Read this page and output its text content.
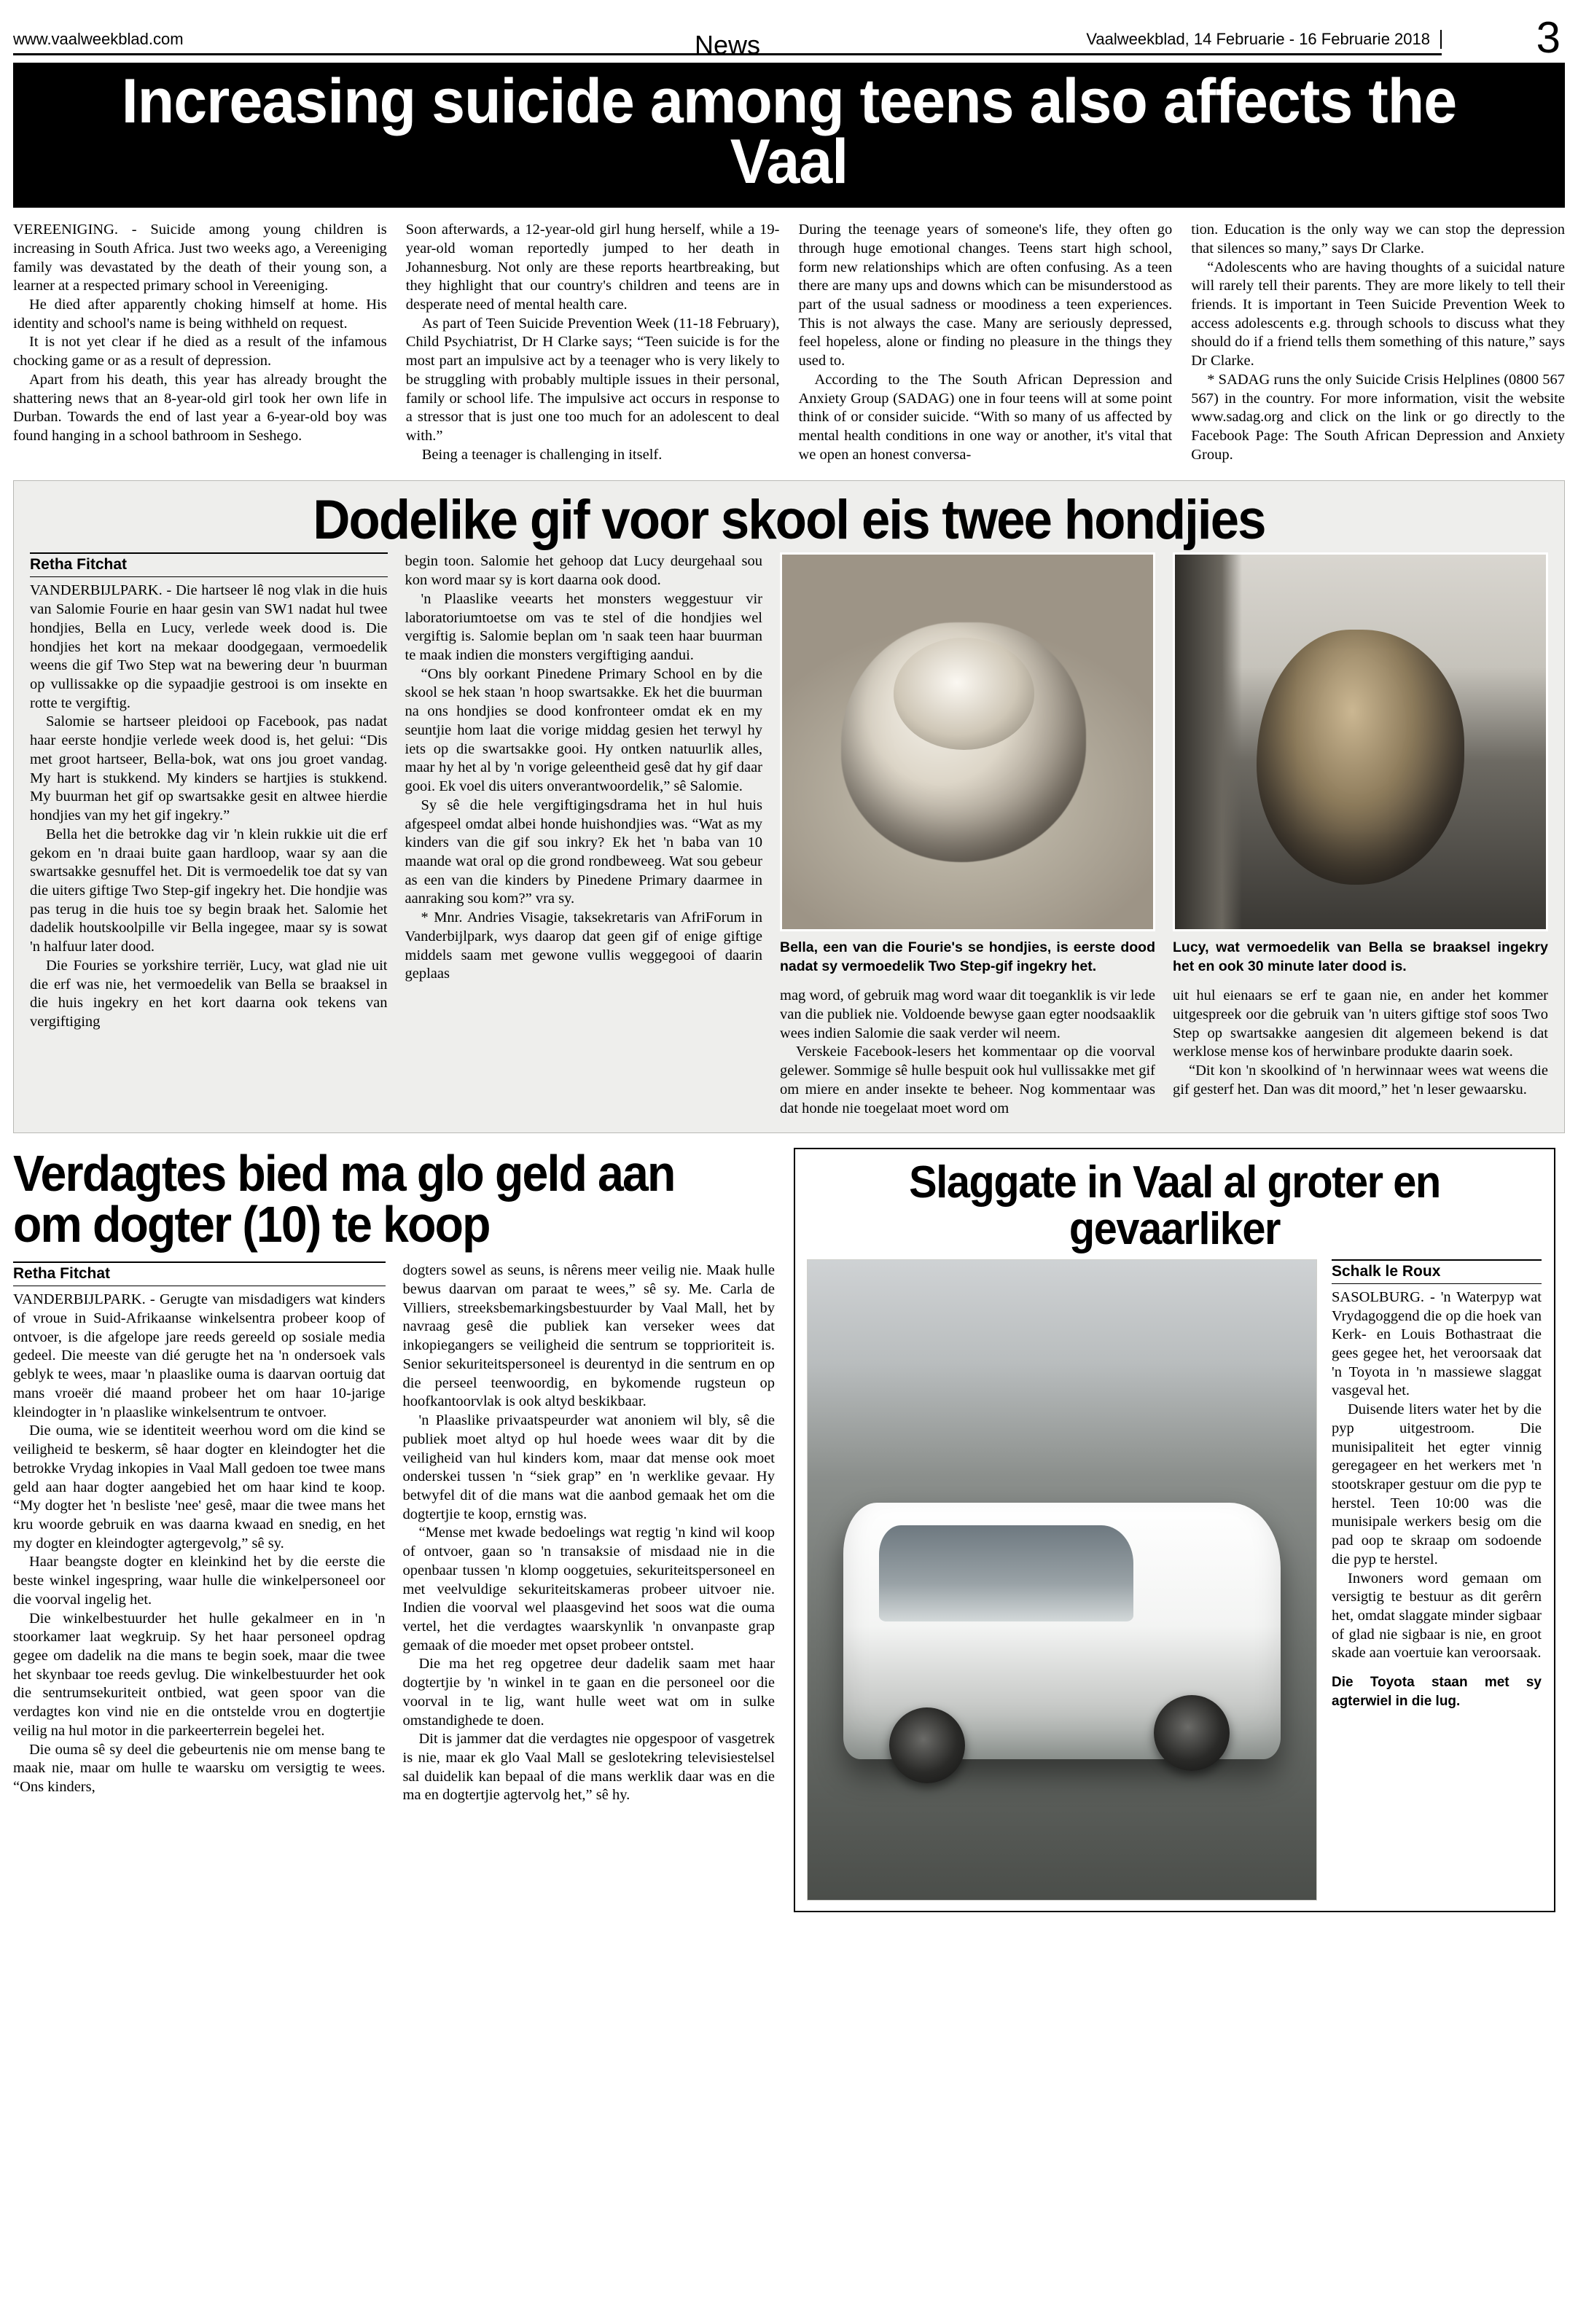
www.vaalweekblad.com	News	Vaalweekblad, 14 Februarie - 16 Februarie 2018 3
Increasing suicide among teens also affects the Vaal

VEREENIGING. - Suicide among young children is increasing in South Africa. Just two weeks ago, a Vereeniging family was devastated by the death of their young son, a learner at a respected primary school in Vereeniging.

He died after apparently choking himself at home. His identity and school's name is being withheld on request.

It is not yet clear if he died as a result of the infamous chocking game or as a result of depression.

Apart from his death, this year has already brought the shattering news that an 8-year-old girl took her own life in Durban. Towards the end of last year a 6-year-old boy was found hanging in a school bathroom in Seshego.

Soon afterwards, a 12-year-old girl hung herself, while a 19-year-old woman reportedly jumped to her death in Johannesburg. Not only are these reports heartbreaking, but they highlight that our country's children and teens are in desperate need of mental health care.

As part of Teen Suicide Prevention Week (11-18 February), Child Psychiatrist, Dr H Clarke says; “Teen suicide is for the most part an impulsive act by a teenager who is very likely to be struggling with probably multiple issues in their personal, family or school life. The impulsive act occurs in response to a stressor that is just one too much for an adolescent to deal with.”

Being a teenager is challenging in itself.

During the teenage years of someone's life, they often go through huge emotional changes. Teens start high school, form new relationships which are often confusing. As a teen there are many ups and downs which can be misunderstood as part of the usual sadness or moodiness a teen experiences. This is not always the case. Many are seriously depressed, feel hopeless, alone or finding no pleasure in the things they used to.

According to the The South African Depression and Anxiety Group (SADAG) one in four teens will at some point think of or consider suicide. “With so many of us affected by mental health conditions in one way or another, it's vital that we open an honest conversa-

tion. Education is the only way we can stop the depression that silences so many,” says Dr Clarke.

“Adolescents who are having thoughts of a suicidal nature will rarely tell their parents. They are more likely to tell their friends. It is important in Teen Suicide Prevention Week to access adolescents e.g. through schools to discuss what they should do if a friend tells them something of this nature,” says Dr Clarke.

* SADAG runs the only Suicide Crisis Helplines (0800 567 567) in the country. For more information, visit the website www.sadag.org and click on the link or go directly to the Facebook Page: The South African Depression and Anxiety Group.

Dodelike gif voor skool eis twee hondjies
Retha Fitchat

VANDERBIJLPARK. - Die hartseer lê nog vlak in die huis van Salomie Fourie en haar gesin van SW1 nadat hul twee hondjies, Bella en Lucy, verlede week dood is. Die hondjies het kort na mekaar doodgegaan, vermoedelik weens die gif Two Step wat na bewering deur 'n buurman op vullissakke op die sypaadjie gestrooi is om insekte en rotte te vergiftig.

Salomie se hartseer pleidooi op Facebook, pas nadat haar eerste hondjie verlede week dood is, het gelui: “Dis met groot hartseer, Bella-bok, wat ons jou groet vandag. My hart is stukkend. My kinders se hartjies is stukkend. My buurman het gif op swartsakke gesit en altwee hierdie hondjies van my het gif ingekry.”

Bella het die betrokke dag vir 'n klein rukkie uit die erf gekom en 'n draai buite gaan hardloop, waar sy aan die swartsakke gesnuffel het. Dit is vermoedelik toe dat sy van die uiters giftige Two Step-gif ingekry het. Die hondjie was pas terug in die huis toe sy begin braak het. Salomie het dadelik houtskoolpille vir Bella ingegee, maar sy is sowat 'n halfuur later dood.

Die Fouries se yorkshire terriër, Lucy, wat glad nie uit die erf was nie, het vermoedelik van Bella se braaksel in die huis ingekry en het kort daarna ook tekens van vergiftiging

begin toon. Salomie het gehoop dat Lucy deurgehaal sou kon word maar sy is kort daarna ook dood.

'n Plaaslike veearts het monsters weggestuur vir laboratoriumtoetse om vas te stel of die hondjies wel vergiftig is. Salomie beplan om 'n saak teen haar buurman te maak indien die monsters vergiftiging aandui.

“Ons bly oorkant Pinedene Primary School en by die skool se hek staan 'n hoop swartsakke. Ek het die buurman na ons hondjies se dood konfronteer omdat ek en my seuntjie hom laat die vorige middag gesien het terwyl hy iets op die swartsakke gooi. Hy ontken natuurlik alles, maar hy het al by 'n vorige geleentheid gesê dat hy gif daar gooi. Ek voel dis uiters onverantwoordelik,” sê Salomie.

Sy sê die hele vergiftigingsdrama het in hul huis afgespeel omdat albei honde huishondjies was. “Wat as my kinders van die gif sou inkry? Ek het 'n baba van 10 maande wat oral op die grond rondbeweeg. Wat sou gebeur as een van die kinders by Pinedene Primary daarmee in aanraking sou kom?” vra sy.

* Mnr. Andries Visagie, taksekretaris van AfriForum in Vanderbijlpark, wys daarop dat geen gif of enige giftige middels saam met gewone vullis weggegooi of daarin geplaas

Bella, een van die Fourie's se hondjies, is eerste dood nadat sy vermoedelik Two Step-gif ingekry het.
Lucy, wat vermoedelik van Bella se braaksel ingekry het en ook 30 minute later dood is.

mag word, of gebruik mag word waar dit toeganklik is vir lede van die publiek nie. Voldoende bewyse gaan egter noodsaaklik wees indien Salomie die saak verder wil neem.

Verskeie Facebook-lesers het kommentaar op die voorval gelewer. Sommige sê hulle bespuit ook hul vullissakke met gif om miere en ander insekte te beheer. Nog kommentaar was dat honde nie toegelaat moet word om

uit hul eienaars se erf te gaan nie, en ander het kommer uitgespreek oor die gebruik van 'n uiters giftige stof soos Two Step op swartsakke aangesien dit algemeen bekend is dat werklose mense kos of herwinbare produkte daarin soek.

“Dit kon 'n skoolkind of 'n herwinnaar wees wat weens die gif gesterf het. Dan was dit moord,” het 'n leser gewaarsku.

Verdagtes bied ma glo geld aan om dogter (10) te koop
Retha Fitchat

VANDERBIJLPARK. - Gerugte van misdadigers wat kinders of vroue in Suid-Afrikaanse winkelsentra probeer koop of ontvoer, is die afgelope jare reeds gereeld op sosiale media gedeel. Die meeste van dié gerugte het na 'n ondersoek vals geblyk te wees, maar 'n plaaslike ouma is daarvan oortuig dat mans vroeër dié maand probeer het om haar 10-jarige kleindogter in 'n plaaslike winkelsentrum te ontvoer.

Die ouma, wie se identiteit weerhou word om die kind se veiligheid te beskerm, sê haar dogter en kleindogter het die betrokke Vrydag inkopies in Vaal Mall gedoen toe twee mans geld aan haar dogter aangebied het om haar kind te koop. “My dogter het 'n besliste 'nee' gesê, maar die twee mans het kru woorde gebruik en was daarna kwaad en snedig, en het my dogter en kleindogter agtergevolg,” sê sy.

Haar beangste dogter en kleinkind het by die eerste die beste winkel ingespring, waar hulle die winkelpersoneel oor die voorval ingelig het.

Die winkelbestuurder het hulle gekalmeer en in 'n stoorkamer laat wegkruip. Sy het haar personeel opdrag gegee om dadelik na die mans te begin soek, maar die twee het skynbaar toe reeds gevlug. Die winkelbestuurder het ook die sentrumsekuriteit ontbied, wat geen spoor van die verdagtes kon vind nie en die ontstelde vrou en dogtertjie veilig na hul motor in die parkeerterrein begelei het.

Die ouma sê sy deel die gebeurtenis nie om mense bang te maak nie, maar om hulle te waarsku om versigtig te wees. “Ons kinders,

dogters sowel as seuns, is nêrens meer veilig nie. Maak hulle bewus daarvan om paraat te wees,” sê sy. Me. Carla de Villiers, streeksbemarkingsbestuurder by Vaal Mall, het by navraag gesê die publiek kan verseker wees dat inkopiegangers se veiligheid die sentrum se topprioriteit is. Senior sekuriteitspersoneel is deurentyd in die sentrum en op die perseel teenwoordig, en bykomende rugsteun op hoofkantoorvlak is ook altyd beskikbaar.

'n Plaaslike privaatspeurder wat anoniem wil bly, sê die publiek moet altyd op hul hoede wees waar dit by die veiligheid van hul kinders kom, maar dat mense ook moet onderskei tussen 'n “siek grap” en 'n werklike gevaar. Hy betwyfel dit of die mans wat die aanbod gemaak het om die dogtertjie te koop, ernstig was.

“Mense met kwade bedoelings wat regtig 'n kind wil koop of ontvoer, gaan so 'n transaksie of misdaad nie in die openbaar tussen 'n klomp ooggetuies, sekuriteitspersoneel en met veelvuldige sekuriteitskameras probeer uitvoer nie. Indien die voorval wel plaasgevind het soos wat die ouma vertel, het die verdagtes waarskynlik 'n onvanpaste grap gemaak of die moeder met opset probeer ontstel.

Die ma het reg opgetree deur dadelik saam met haar dogtertjie by 'n winkel in te gaan en die personeel oor die voorval in te lig, want hulle weet wat om in sulke omstandighede te doen.

Dit is jammer dat die verdagtes nie opgespoor of vasgetrek is nie, maar ek glo Vaal Mall se geslotekring televisiestelsel sal duidelik kan bepaal of die mans werklik daar was en die ma en dogtertjie agtervolg het,” sê hy.

Slaggate in Vaal al groter en gevaarliker
Schalk le Roux

SASOLBURG. - 'n Waterpyp wat Vrydagoggend die op die hoek van Kerk- en Louis Bothastraat die gees gegee het, het veroorsaak dat 'n Toyota in 'n massiewe slaggat vasgeval het.

Duisende liters water het by die pyp uitgestroom. Die munisipaliteit het egter vinnig geregageer en het werkers met 'n stootskraper gestuur om die pyp te herstel. Teen 10:00 was die munisipale werkers besig om die pad oop te skraap om sodoende die pyp te herstel.

Inwoners word gemaan om versigtig te bestuur as dit gerêrn het, omdat slaggate minder sigbaar of glad nie sigbaar is nie, en groot skade aan voertuie kan veroorsaak.

Die Toyota staan met sy agterwiel in die lug.
